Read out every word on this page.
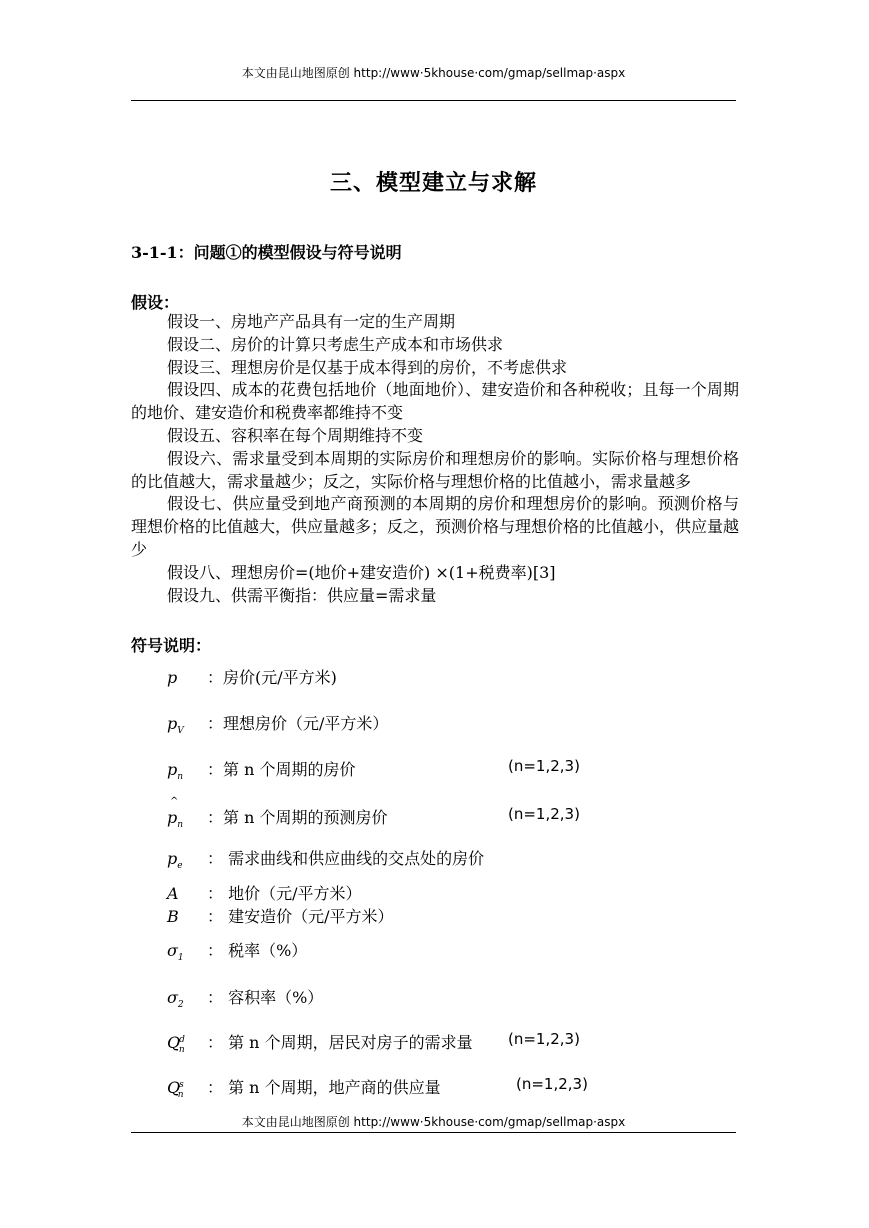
本文由昆山地图原创 http://www·5khouse·com/gmap/sellmap·aspx
三、模型建立与求解
3-1-1：问题①的模型假设与符号说明
假设：

假设一、房地产产品具有一定的生产周期

假设二、房价的计算只考虑生产成本和市场供求

假设三、理想房价是仅基于成本得到的房价，不考虑供求

假设四、成本的花费包括地价（地面地价）、建安造价和各种税收；且每一个周期的地价、建安造价和税费率都维持不变

假设五、容积率在每个周期维持不变

假设六、需求量受到本周期的实际房价和理想房价的影响。实际价格与理想价格的比值越大，需求量越少；反之，实际价格与理想价格的比值越小，需求量越多

假设七、供应量受到地产商预测的本周期的房价和理想房价的影响。预测价格与理想价格的比值越大，供应量越多；反之，预测价格与理想价格的比值越小，供应量越少

假设八、理想房价=(地价+建安造价) ×(1+税费率)[3]

假设九、供需平衡指：供应量=需求量

符号说明：
p ：房价(元/平方米)
$p_V$ ：理想房价（元/平方米）
$p_n$ ：第 n 个周期的房价	(n=1,2,3)
^ $p_n$ ：第 n 个周期的预测房价	(n=1,2,3)
$p_e$ ： 需求曲线和供应曲线的交点处的房价
A ： 地价（元/平方米）
B ： 建安造价（元/平方米）
$\sigma_1$ ： 税率（%）
$\sigma_2$ ： 容积率（%）
$Q^d_n$ ： 第 n 个周期，居民对房子的需求量 (n=1,2,3)
$Q^s_n$ ： 第 n 个周期，地产商的供应量	(n=1,2,3)
本文由昆山地图原创 http://www·5khouse·com/gmap/sellmap·aspx
